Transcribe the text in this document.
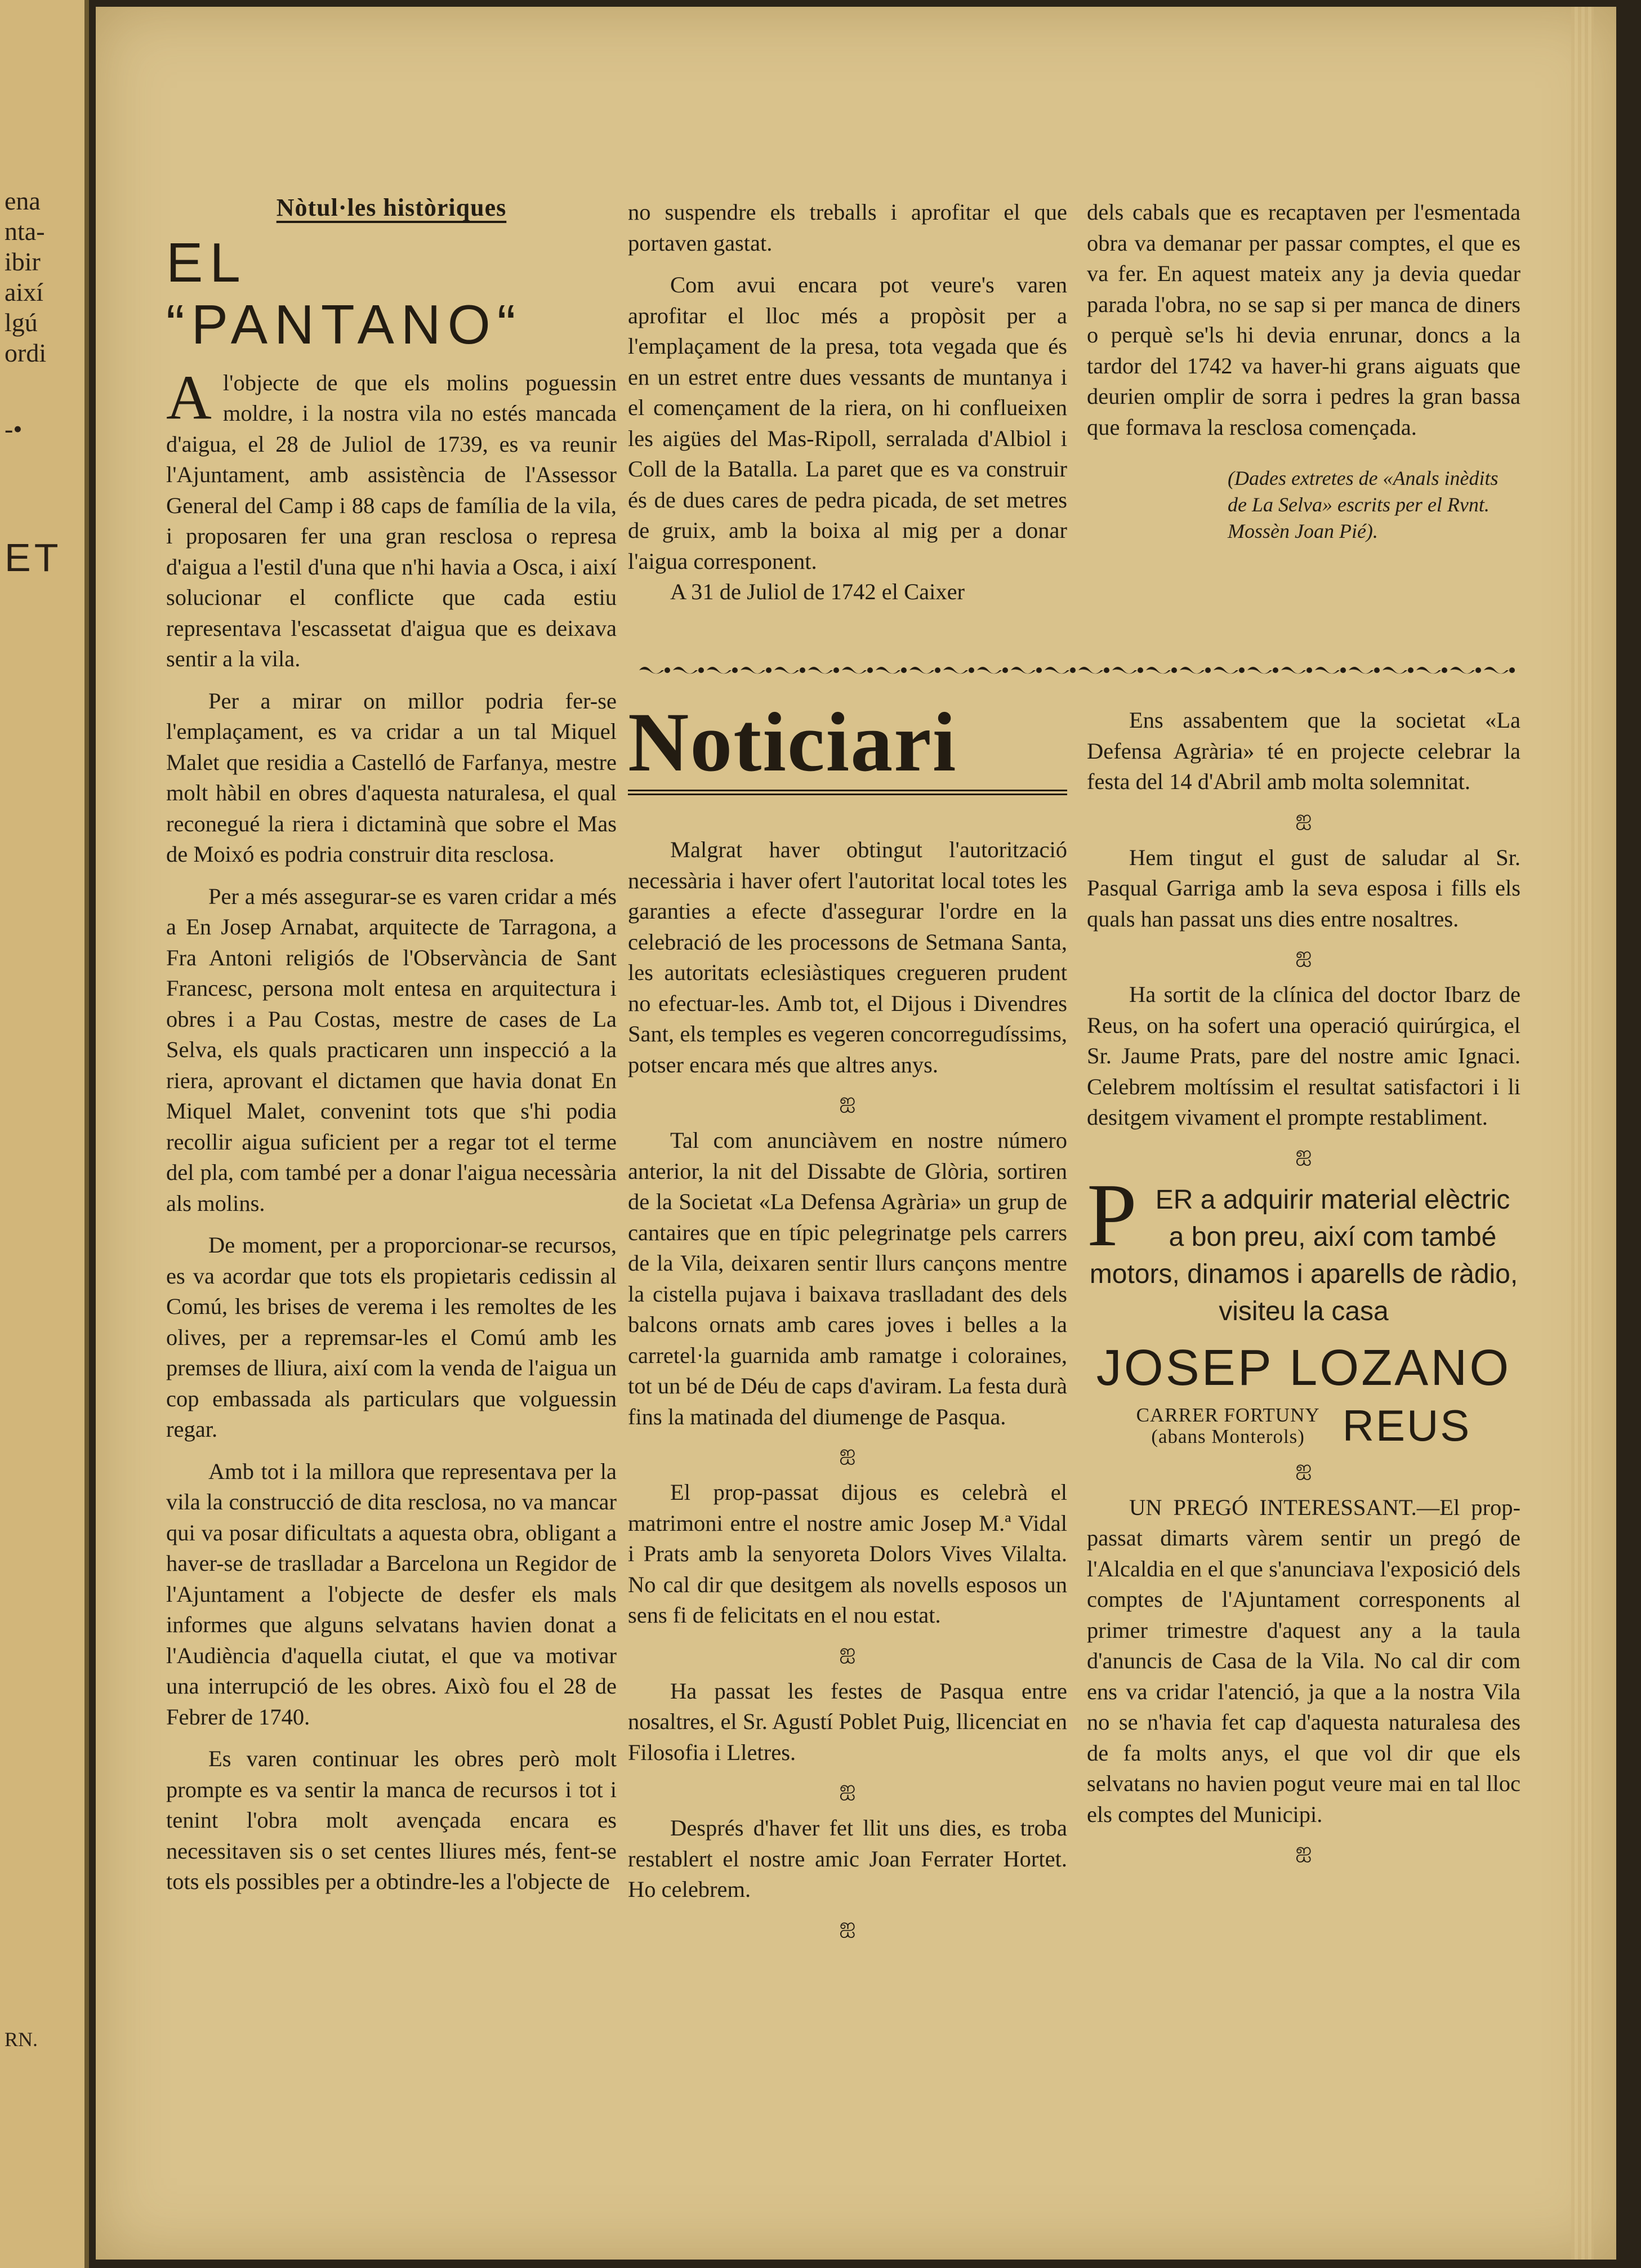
ena
nta-
ibir
així
lgú
ordi
-•
ET
RN.
Nòtul·les històriques
EL “PANTANO“

Al'objecte de que els molins poguessin moldre, i la nostra vila no estés mancada d'aigua, el 28 de Juliol de 1739, es va reunir l'Ajuntament, amb assistència de l'Assessor General del Camp i 88 caps de família de la vila, i proposaren fer una gran resclosa o represa d'aigua a l'estil d'una que n'hi havia a Osca, i així solucionar el conflicte que cada estiu representava l'escassetat d'aigua que es deixava sentir a la vila.

Per a mirar on millor podria fer-se l'emplaçament, es va cridar a un tal Miquel Malet que residia a Castelló de Farfanya, mestre molt hàbil en obres d'aquesta naturalesa, el qual reconegué la riera i dictaminà que sobre el Mas de Moixó es podria construir dita resclosa.

Per a més assegurar-se es varen cridar a més a En Josep Arnabat, arquitecte de Tarragona, a Fra Antoni religiós de l'Observància de Sant Francesc, persona molt entesa en arquitectura i obres i a Pau Costas, mestre de cases de La Selva, els quals practicaren unn inspecció a la riera, aprovant el dictamen que havia donat En Miquel Malet, convenint tots que s'hi podia recollir aigua suficient per a regar tot el terme del pla, com també per a donar l'aigua necessària als molins.

De moment, per a proporcionar-se recursos, es va acordar que tots els propietaris cedissin al Comú, les brises de verema i les remoltes de les olives, per a repremsar-les el Comú amb les premses de lliura, així com la venda de l'aigua un cop embassada als particulars que volguessin regar.

Amb tot i la millora que representava per la vila la construcció de dita resclosa, no va mancar qui va posar dificultats a aquesta obra, obligant a haver-se de traslladar a Barcelona un Regidor de l'Ajuntament a l'objecte de desfer els mals informes que alguns selvatans havien donat a l'Audiència d'aquella ciutat, el que va motivar una interrupció de les obres. Això fou el 28 de Febrer de 1740.

Es varen continuar les obres però molt prompte es va sentir la manca de recursos i tot i tenint l'obra molt avençada encara es necessitaven sis o set centes lliures més, fent-se tots els possibles per a obtindre-les a l'objecte de

no suspendre els treballs i aprofitar el que portaven gastat.

Com avui encara pot veure's varen aprofitar el lloc més a propòsit per a l'emplaçament de la presa, tota vegada que és en un estret entre dues vessants de muntanya i el començament de la riera, on hi conflueixen les aigües del Mas-Ripoll, serralada d'Albiol i Coll de la Batalla. La paret que es va construir és de dues cares de pedra picada, de set metres de gruix, amb la boixa al mig per a donar l'aigua corresponent.

A 31 de Juliol de 1742 el Caixer

dels cabals que es recaptaven per l'esmentada obra va demanar per passar comptes, el que es va fer. En aquest mateix any ja devia quedar parada l'obra, no se sap si per manca de diners o perquè se'ls hi devia enrunar, doncs a la tardor del 1742 va haver-hi grans aiguats que deurien omplir de sorra i pedres la gran bassa que formava la resclosa començada.

(Dades extretes de «Anals inèdits de La Selva» escrits per el Rvnt. Mossèn Joan Pié).
Noticiari

Malgrat haver obtingut l'autorització necessària i haver ofert l'autoritat local totes les garanties a efecte d'assegurar l'ordre en la celebració de les processons de Setmana Santa, les autoritats eclesiàstiques cregueren prudent no efectuar-les. Amb tot, el Dijous i Divendres Sant, els temples es vegeren concorregudíssims, potser encara més que altres anys.

ஐ

Tal com anunciàvem en nostre número anterior, la nit del Dissabte de Glòria, sortiren de la Societat «La Defensa Agrària» un grup de cantaires que en típic pelegrinatge pels carrers de la Vila, deixaren sentir llurs cançons mentre la cistella pujava i baixava traslladant des dels balcons ornats amb cares joves i belles a la carretel·la guarnida amb ramatge i coloraines, tot un bé de Déu de caps d'aviram. La festa durà fins la matinada del diumenge de Pasqua.

ஐ

El prop-passat dijous es celebrà el matrimoni entre el nostre amic Josep M.ª Vidal i Prats amb la senyoreta Dolors Vives Vilalta. No cal dir que desitgem als novells esposos un sens fi de felicitats en el nou estat.

ஐ

Ha passat les festes de Pasqua entre nosaltres, el Sr. Agustí Poblet Puig, llicenciat en Filosofia i Lletres.

ஐ

Després d'haver fet llit uns dies, es troba restablert el nostre amic Joan Ferrater Hortet. Ho celebrem.

ஐ

Ens assabentem que la societat «La Defensa Agrària» té en projecte celebrar la festa del 14 d'Abril amb molta solemnitat.

ஐ

Hem tingut el gust de saludar al Sr. Pasqual Garriga amb la seva esposa i fills els quals han passat uns dies entre nosaltres.

ஐ

Ha sortit de la clínica del doctor Ibarz de Reus, on ha sofert una operació quirúrgica, el Sr. Jaume Prats, pare del nostre amic Ignaci. Celebrem moltíssim el resultat satisfactori i li desitgem vivament el prompte restabliment.

ஐ
PER a adquirir material elèctric a bon preu, així com també motors, dinamos i aparells de ràdio, visiteu la casa
JOSEP LOZANO
CARRER FORTUNY
(abans Monterols) REUS
ஐ

UN PREGÓ INTERESSANT.—El prop-passat dimarts vàrem sentir un pregó de l'Alcaldia en el que s'anunciava l'exposició dels comptes de l'Ajuntament corresponents al primer trimestre d'aquest any a la taula d'anuncis de Casa de la Vila. No cal dir com ens va cridar l'atenció, ja que a la nostra Vila no se n'havia fet cap d'aquesta naturalesa des de fa molts anys, el que vol dir que els selvatans no havien pogut veure mai en tal lloc els comptes del Municipi.

ஐ
